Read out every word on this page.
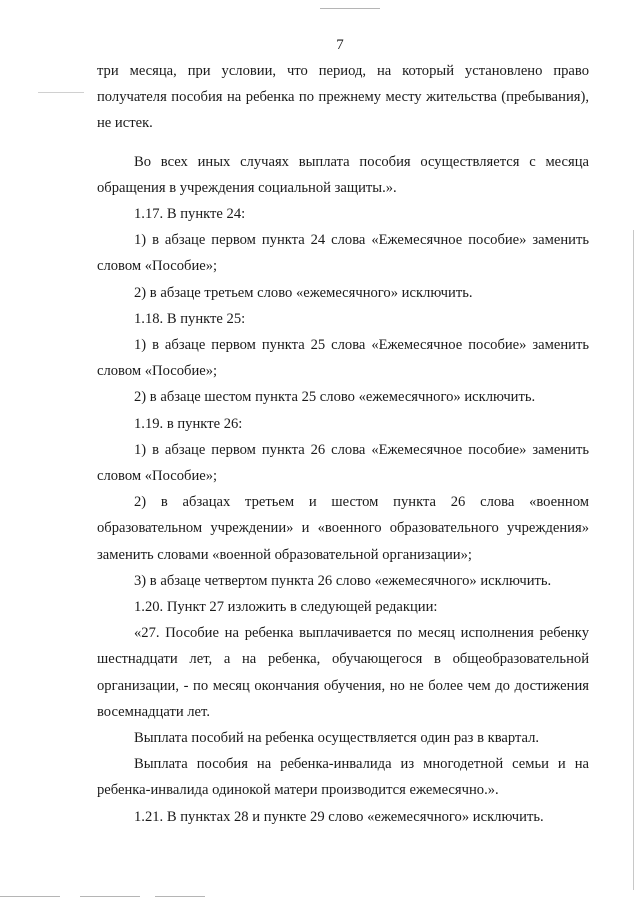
7

три месяца, при условии, что период, на который установлено право получателя пособия на ребенка по прежнему месту жительства (пребывания), не истек.

Во всех иных случаях выплата пособия осуществляется с месяца обращения в учреждения социальной защиты.».

1.17. В пункте 24:

1) в абзаце первом пункта 24 слова «Ежемесячное пособие» заменить словом «Пособие»;

2) в абзаце третьем слово «ежемесячного» исключить.

1.18. В пункте 25:

1) в абзаце первом пункта 25 слова «Ежемесячное пособие» заменить словом «Пособие»;

2) в абзаце шестом пункта 25 слово «ежемесячного» исключить.

1.19. в пункте 26:

1) в абзаце первом пункта 26 слова «Ежемесячное пособие» заменить словом «Пособие»;

2) в абзацах третьем и шестом пункта 26 слова «военном образовательном учреждении» и «военного образовательного учреждения» заменить словами «военной образовательной организации»;

3) в абзаце четвертом пункта 26 слово «ежемесячного» исключить.

1.20. Пункт 27 изложить в следующей редакции:

«27. Пособие на ребенка выплачивается по месяц исполнения ребенку шестнадцати лет, а на ребенка, обучающегося в общеобразовательной организации, - по месяц окончания обучения, но не более чем до достижения восемнадцати лет.

Выплата пособий на ребенка осуществляется один раз в квартал.

Выплата пособия на ребенка-инвалида из многодетной семьи и на ребенка-инвалида одинокой матери производится ежемесячно.».

1.21. В пунктах 28 и пункте 29 слово «ежемесячного» исключить.
